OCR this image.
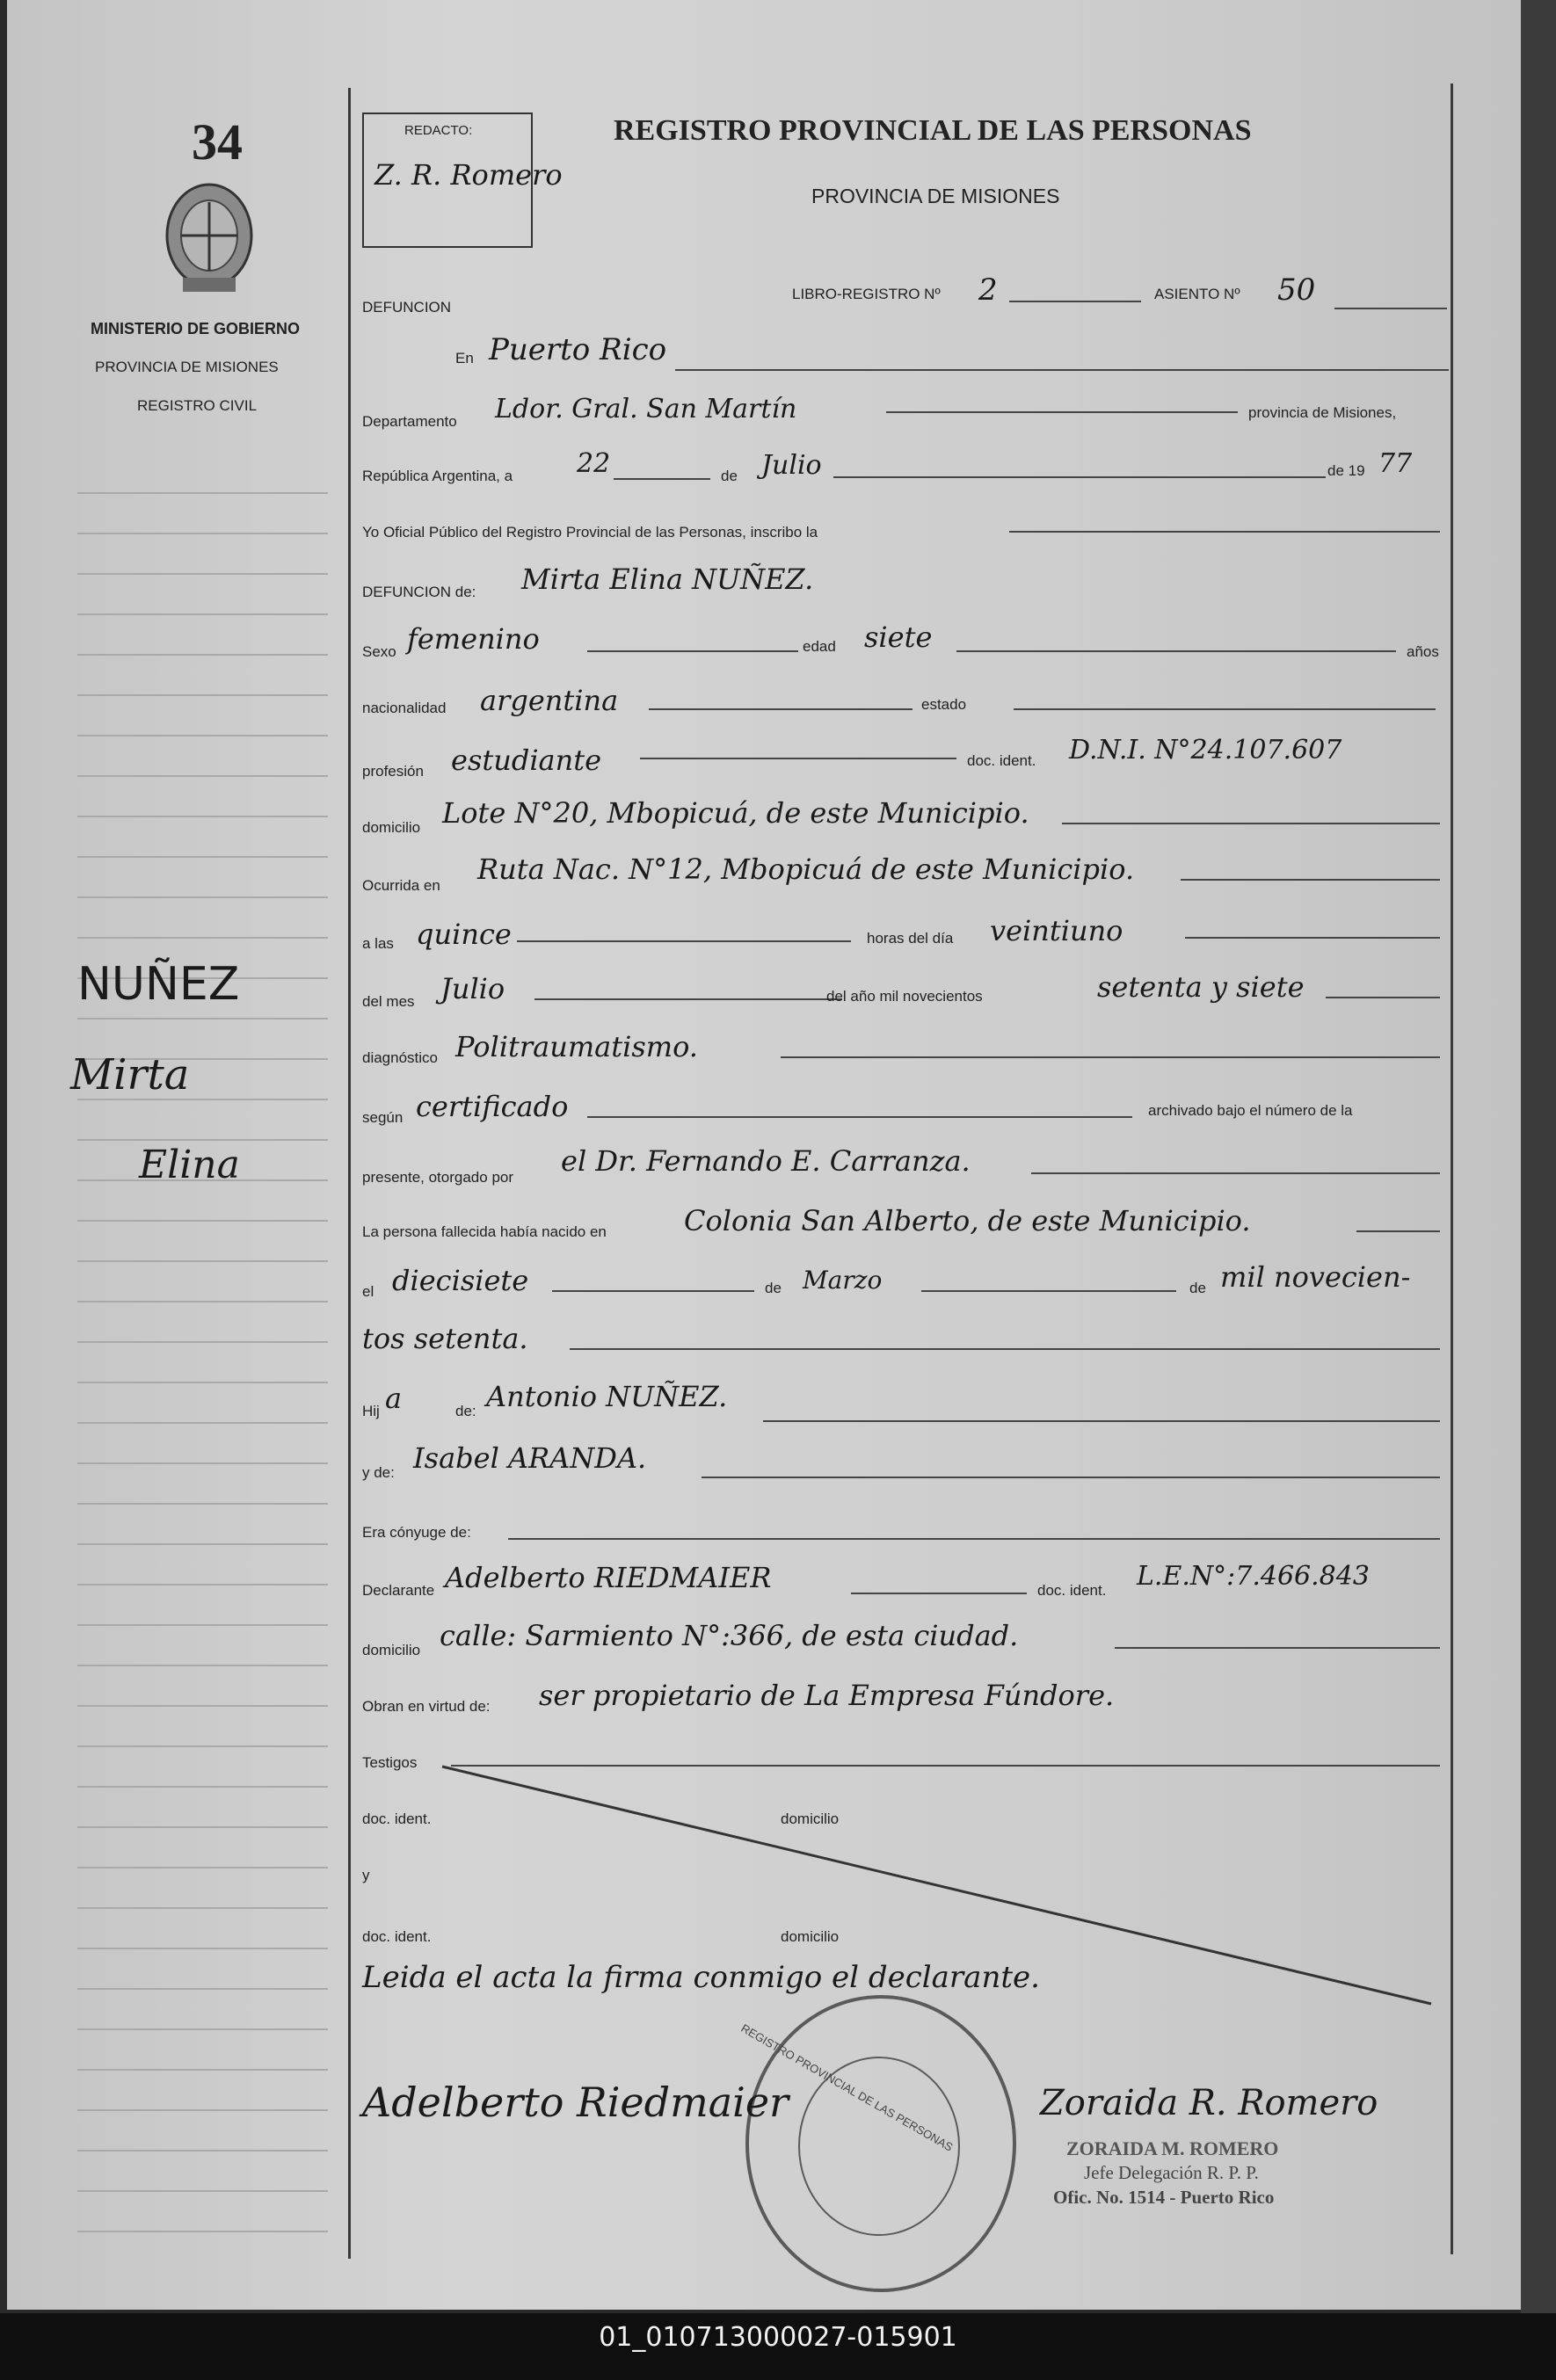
34
MINISTERIO DE GOBIERNO
PROVINCIA DE MISIONES
REGISTRO CIVIL
NUÑEZ
Mirta
Elina
REDACTO:
Z. R. Romero
REGISTRO PROVINCIAL DE LAS PERSONAS
PROVINCIA DE MISIONES
DEFUNCION
LIBRO-REGISTRO Nº 2	ASIENTO Nº 50
En Puerto Rico
Departamento Ldor. Gral. San Martín	provincia de Misiones,
República Argentina, a 22	de Julio	de 19 77
Yo Oficial Público del Registro Provincial de las Personas, inscribo la
DEFUNCION de: Mirta Elina NUÑEZ.
Sexo femenino	edad siete	años
nacionalidad argentina	estado
profesión estudiante	doc. ident. D.N.I. N°24.107.607
domicilio Lote N°20, Mbopicuá, de este Municipio.
Ocurrida en Ruta Nac. N°12, Mbopicuá de este Municipio.
a las quince	horas del día veintiuno
del mes Julio	del año mil novecientos	setenta y siete
diagnóstico Politraumatismo.
según certificado	archivado bajo el número de la
presente, otorgado por el Dr. Fernando E. Carranza.
La persona fallecida había nacido en	Colonia San Alberto, de este Municipio.
el diecisiete	de Marzo	de mil novecien-
tos setenta.
Hij a	de: Antonio NUÑEZ.
y de: Isabel ARANDA.
Era cónyuge de:
Declarante Adelberto RIEDMAIER	doc. ident. L.E.N°:7.466.843
domicilio calle: Sarmiento N°:366, de esta ciudad.
Obran en virtud de: ser propietario de La Empresa Fúndore.
Testigos
doc. ident.	domicilio
y
doc. ident.	domicilio
Leida el acta la firma conmigo el declarante.
REGISTRO PROVINCIAL DE LAS PERSONAS
Adelberto Riedmaier	Zoraida R. Romero
ZORAIDA M. ROMERO
Jefe Delegación R. P. P.
Ofic. No. 1514 - Puerto Rico
01_010713000027-015901
